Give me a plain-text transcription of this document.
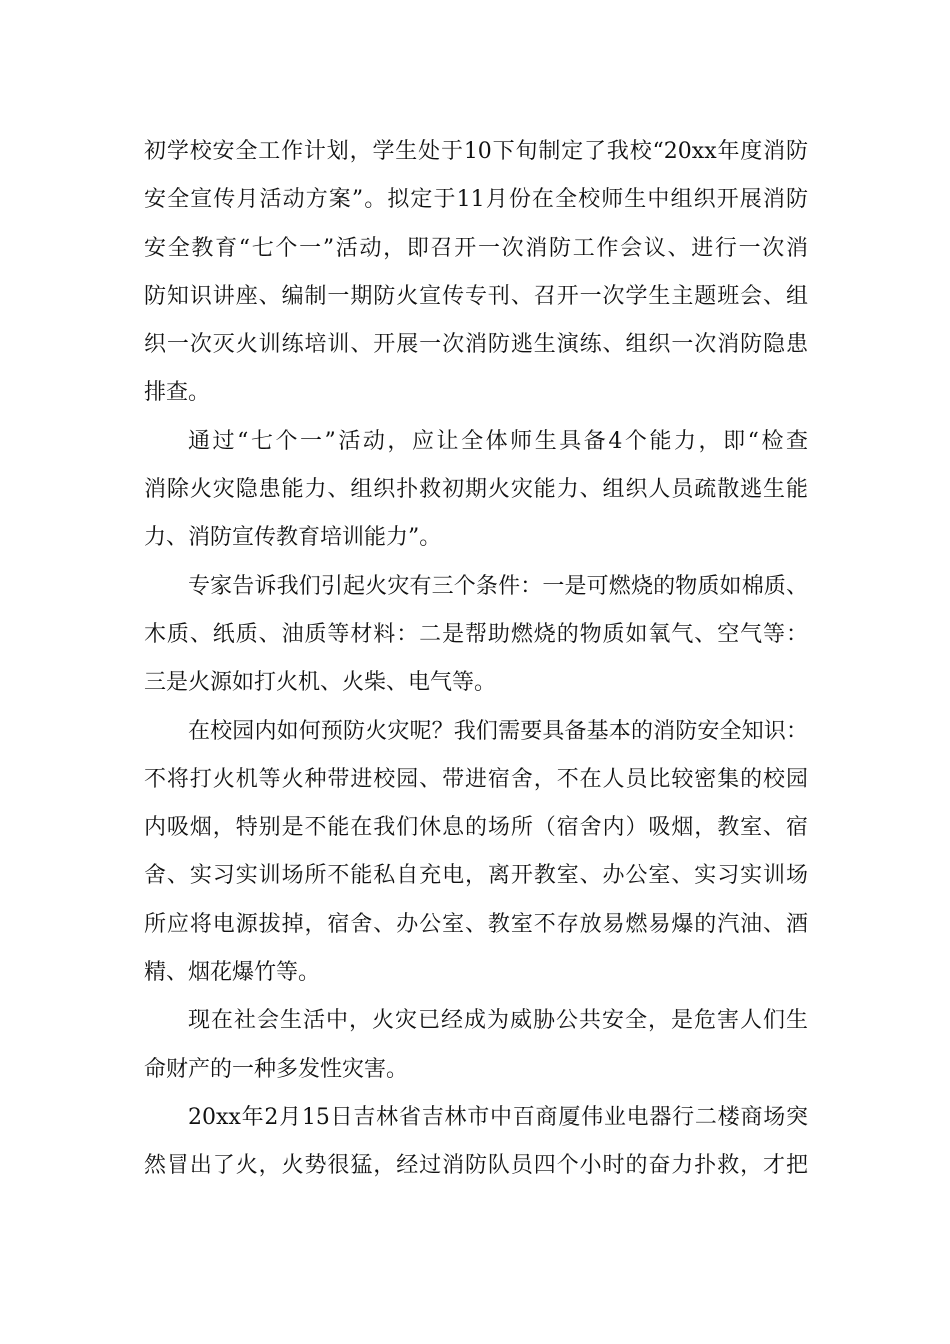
初学校安全工作计划，学生处于10下旬制定了我校“20xx年度消防
安全宣传月活动方案”。拟定于11月份在全校师生中组织开展消防
安全教育“七个一”活动，即召开一次消防工作会议、进行一次消
防知识讲座、编制一期防火宣传专刊、召开一次学生主题班会、组
织一次灭火训练培训、开展一次消防逃生演练、组织一次消防隐患
排查。
通过“七个一”活动，应让全体师生具备4个能力，即“检查
消除火灾隐患能力、组织扑救初期火灾能力、组织人员疏散逃生能
力、消防宣传教育培训能力”。
专家告诉我们引起火灾有三个条件：一是可燃烧的物质如棉质、
木质、纸质、油质等材料：二是帮助燃烧的物质如氧气、空气等：
三是火源如打火机、火柴、电气等。
在校园内如何预防火灾呢？我们需要具备基本的消防安全知识：
不将打火机等火种带进校园、带进宿舍，不在人员比较密集的校园
内吸烟，特别是不能在我们休息的场所（宿舍内）吸烟，教室、宿
舍、实习实训场所不能私自充电，离开教室、办公室、实习实训场
所应将电源拔掉，宿舍、办公室、教室不存放易燃易爆的汽油、酒
精、烟花爆竹等。
现在社会生活中，火灾已经成为威胁公共安全，是危害人们生
命财产的一种多发性灾害。
20xx年2月15日吉林省吉林市中百商厦伟业电器行二楼商场突
然冒出了火，火势很猛，经过消防队员四个小时的奋力扑救，才把
